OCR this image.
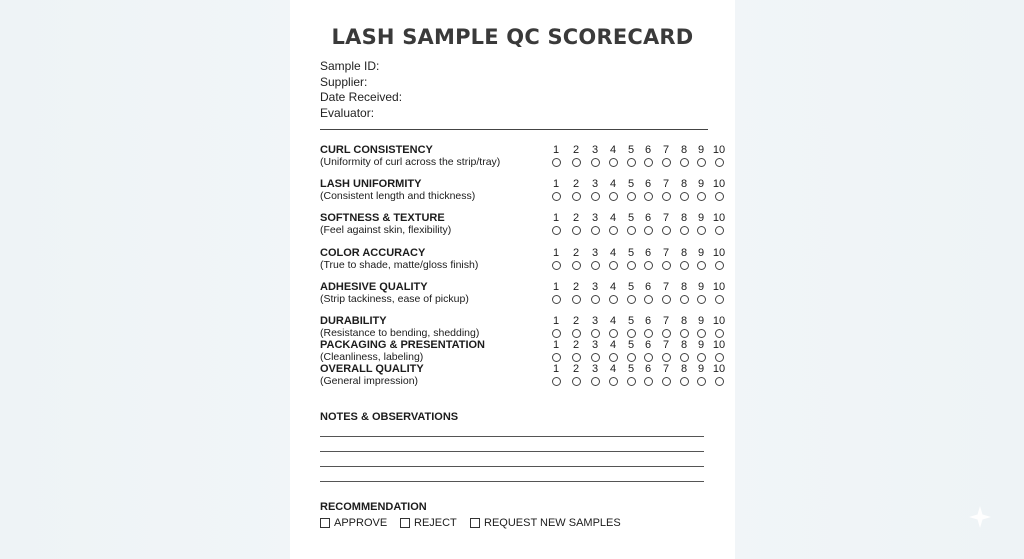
LASH SAMPLE QC SCORECARD
Sample ID:
Supplier:
Date Received:
Evaluator:
CURL CONSISTENCY
(Uniformity of curl across the strip/tray)
1	2	3	4	5 6	7	8 9 10
LASH UNIFORMITY
(Consistent length and thickness)
1	2	3	4	5 6	7	8 9 10
SOFTNESS & TEXTURE
(Feel against skin, flexibility)
1	2	3	4	5 6	7	8 9 10
COLOR ACCURACY
(True to shade, matte/gloss finish)
1	2	3	4	5 6	7	8 9 10
ADHESIVE QUALITY
(Strip tackiness, ease of pickup)
1	2	3	4	5 6	7	8 9 10
DURABILITY
(Resistance to bending, shedding)
1	2	3	4	5 6	7	8 9 10
PACKAGING & PRESENTATION
(Cleanliness, labeling)
1	2	3	4	5 6	7	8 9 10
OVERALL QUALITY
(General impression)
1	2	3	4	5 6	7	8 9 10
NOTES & OBSERVATIONS
RECOMMENDATION
APPROVE REJECT REQUEST NEW SAMPLES
